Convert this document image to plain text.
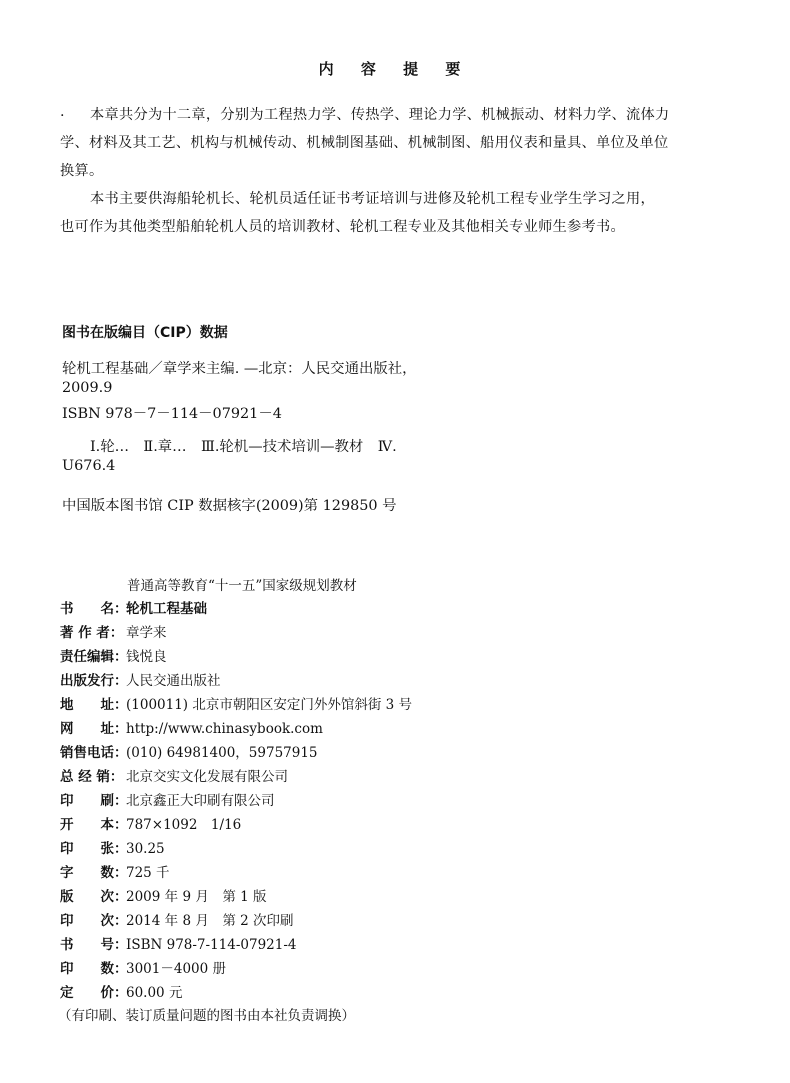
内 容 提 要
. 本章共分为十二章，分别为工程热力学、传热学、理论力学、机械振动、材料力学、流体力
学、材料及其工艺、机构与机械传动、机械制图基础、机械制图、船用仪表和量具、单位及单位
换算。
本书主要供海船轮机长、轮机员适任证书考证培训与进修及轮机工程专业学生学习之用，
也可作为其他类型船舶轮机人员的培训教材、轮机工程专业及其他相关专业师生参考书。
图书在版编目（CIP）数据
轮机工程基础／章学来主编. —北京：人民交通出版社，
2009.9
ISBN 978－7－114－07921－4
Ⅰ.轮…　Ⅱ.章…　Ⅲ.轮机—技术培训—教材　Ⅳ.
U676.4
中国版本图书馆 CIP 数据核字(2009)第 129850 号
普通高等教育“十一五”国家级规划教材
书　　名：轮机工程基础
著 作 者： 章学来
责任编辑：钱悦良
出版发行：人民交通出版社
地　　址：(100011) 北京市朝阳区安定门外外馆斜街 3 号
网　　址：http://www.chinasybook.com
销售电话：(010) 64981400，59757915
总 经 销： 北京交实文化发展有限公司
印　　刷：北京鑫正大印刷有限公司
开　　本：787×1092　1/16
印　　张：30.25
字　　数：725 千
版　　次：2009 年 9 月　第 1 版
印　　次：2014 年 8 月　第 2 次印刷
书　　号：ISBN 978-7-114-07921-4
印　　数：3001－4000 册
定　　价：60.00 元
（有印刷、装订质量问题的图书由本社负责调换）
